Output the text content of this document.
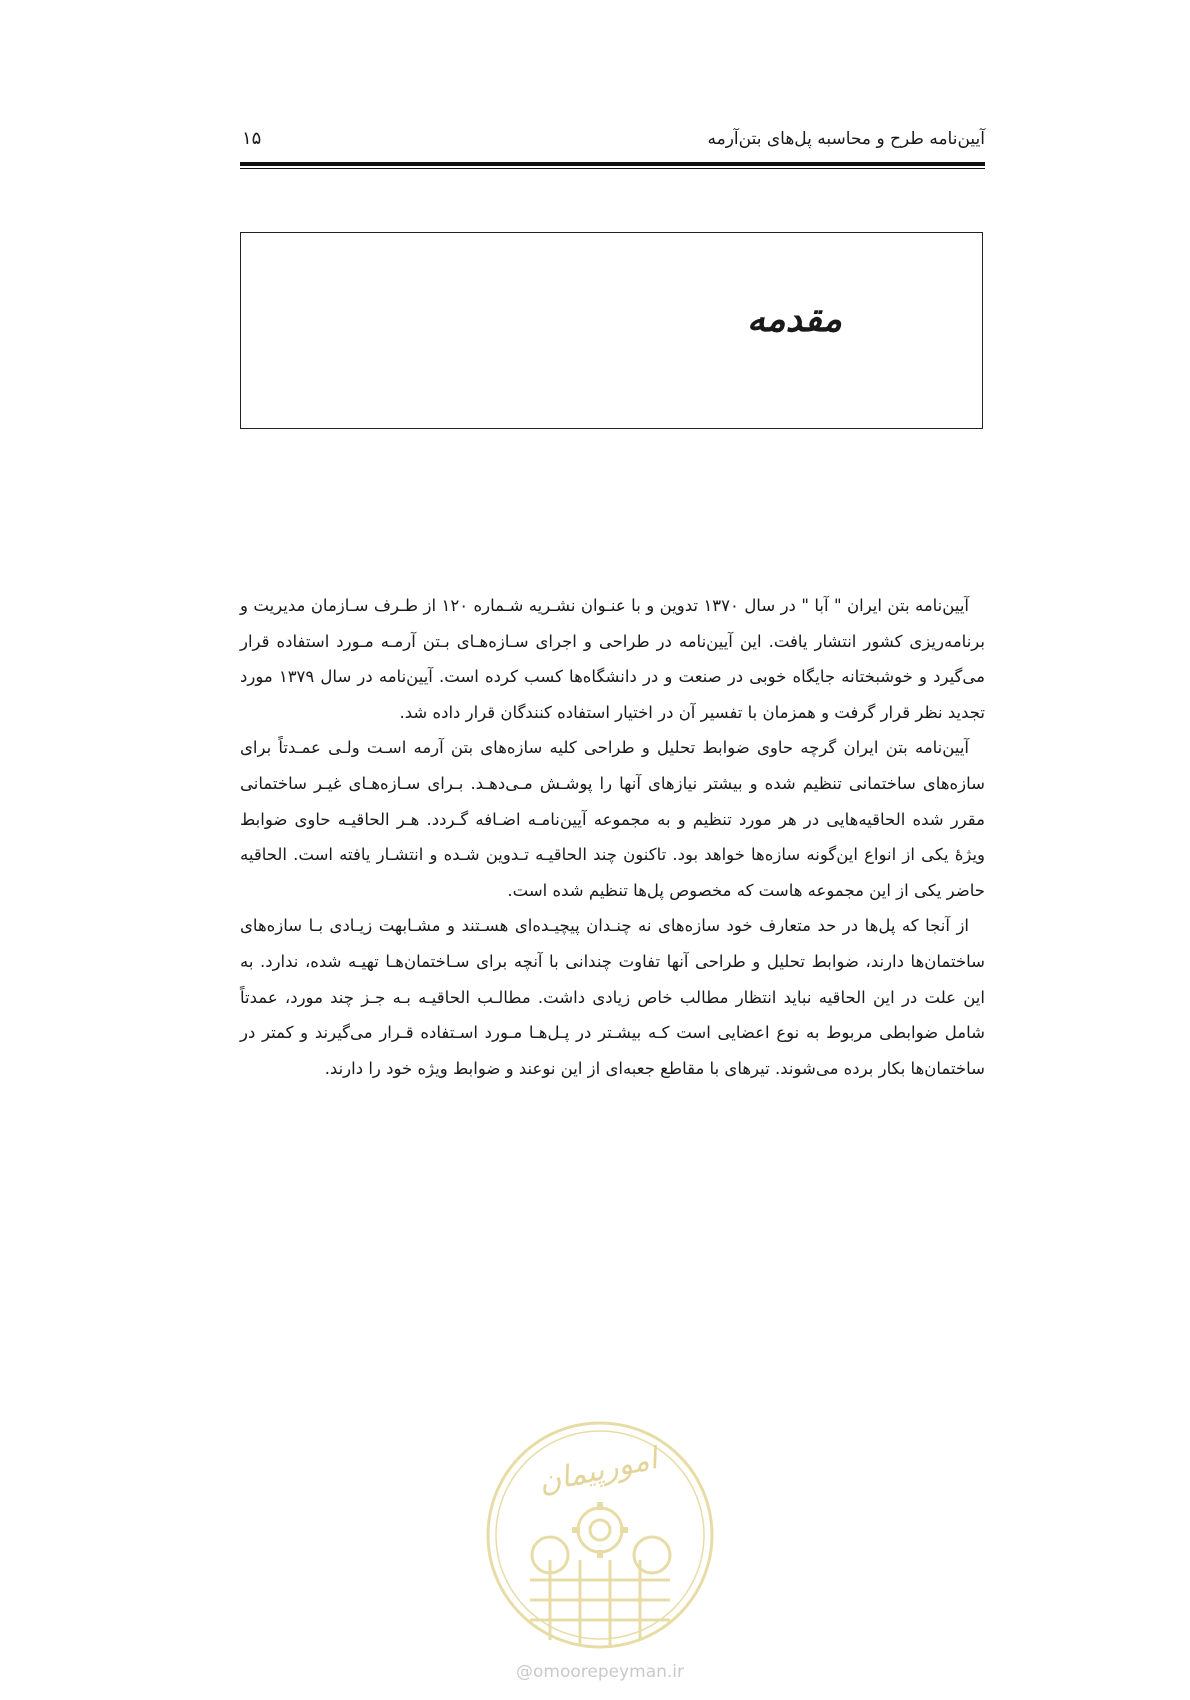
آیین‌نامه طرح و محاسبه پل‌های بتن‌آرمه
۱۵
مقدمه

آیین‌نامه بتن ایران " آبا " در سال ۱۳۷۰ تدوین و با عنـوان نشـریه شـماره ۱۲۰ از طـرف سـازمان مدیریت و برنامه‌ریزی کشور انتشار یافت. این آیین‌نامه در طراحی و اجرای سـازه‌هـای بـتن آرمـه مـورد استفاده قرار می‌گیرد و خوشبختانه جایگاه خوبی در صنعت و در دانشگاه‌ها کسب کرده است. آیین‌نامه در سال ۱۳۷۹ مورد تجدید نظر قرار گرفت و همزمان با تفسیر آن در اختیار استفاده کنندگان قرار داده شد.

آیین‌نامه بتن ایران گرچه حاوی ضوابط تحلیل و طراحی کلیه سازه‌های بتن آرمه اسـت ولـی عمـدتاً برای سازه‌های ساختمانی تنظیم شده و بیشتر نیازهای آنها را پوشـش مـی‌دهـد. بـرای سـازه‌هـای غیـر ساختمانی مقرر شده الحاقیه‌هایی در هر مورد تنظیم و به مجموعه آیین‌نامـه اضـافه گـردد. هـر الحاقیـه حاوی ضوابط ویژهٔ یکی از انواع این‌گونه سازه‌ها خواهد بود. تاکنون چند الحاقیـه تـدوین شـده و انتشـار یافته است. الحاقیه حاضر یکی از این مجموعه هاست که مخصوص پل‌ها تنظیم شده است.

از آنجا که پل‌ها در حد متعارف خود سازه‌های نه چنـدان پیچیـده‌ای هسـتند و مشـابهت زیـادی بـا سازه‌های ساختمان‌ها دارند، ضوابط تحلیل و طراحی آنها تفاوت چندانی با آنچه برای سـاختمان‌هـا تهیـه شده، ندارد. به این علت در این الحاقیه نباید انتظار مطالب خاص زیادی داشت. مطالـب الحاقیـه بـه جـز چند مورد، عمدتاً شامل ضوابطی مربوط به نوع اعضایی است کـه بیشـتر در پـل‌هـا مـورد اسـتفاده قـرار می‌گیرند و کمتر در ساختمان‌ها بکار برده می‌شوند. تیرهای با مقاطع جعبه‌ای از این نوعند و ضوابط ویژه خود را دارند.

امورپیمان
@omoorepeyman.ir
